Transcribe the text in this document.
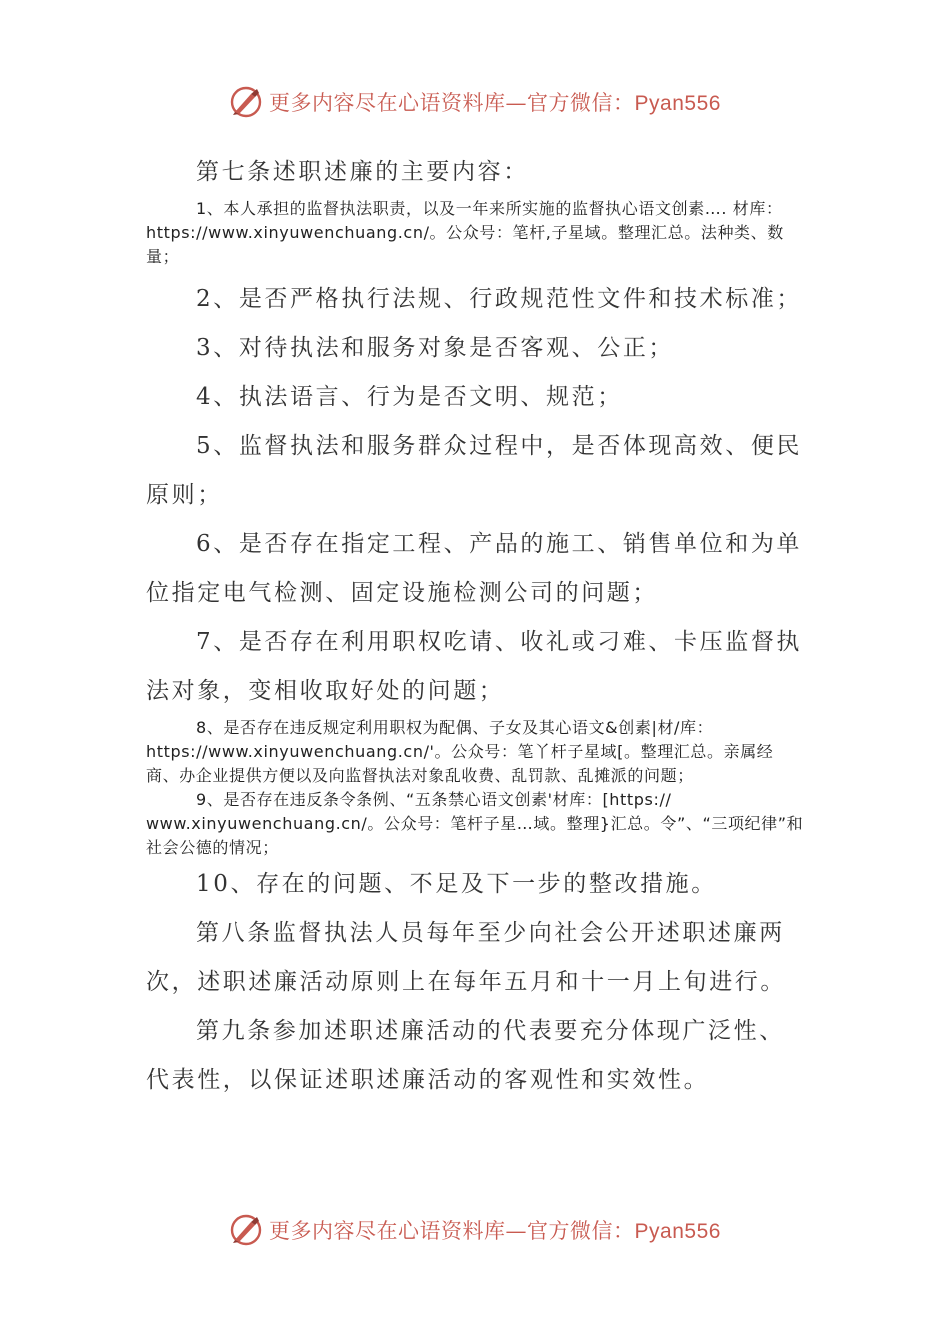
更多内容尽在心语资料库—官方微信：Pyan556

第七条述职述廉的主要内容：

1、本人承担的监督执法职责，以及一年来所实施的监督执心语文创素…. 材库：https://www.xinyuwenchuang.cn/。公众号：笔杆,子星域。整理汇总。法种类、数量；

2、是否严格执行法规、行政规范性文件和技术标准；

3、对待执法和服务对象是否客观、公正；

4、执法语言、行为是否文明、规范；

5、监督执法和服务群众过程中，是否体现高效、便民原则；

6、是否存在指定工程、产品的施工、销售单位和为单位指定电气检测、固定设施检测公司的问题；

7、是否存在利用职权吃请、收礼或刁难、卡压监督执法对象，变相收取好处的问题；

8、是否存在违反规定利用职权为配偶、子女及其心语文&创素|材/库：https://www.xinyuwenchuang.cn/'。公众号：笔丫杆子星域[。整理汇总。亲属经商、办企业提供方便以及向监督执法对象乱收费、乱罚款、乱摊派的问题；

9、是否存在违反条令条例、“五条禁心语文创素'材库：[https:// www.xinyuwenchuang.cn/。公众号：笔杆子星…域。整理}汇总。令”、“三项纪律”和社会公德的情况；

10、存在的问题、不足及下一步的整改措施。

第八条监督执法人员每年至少向社会公开述职述廉两次，述职述廉活动原则上在每年五月和十一月上旬进行。

第九条参加述职述廉活动的代表要充分体现广泛性、代表性，以保证述职述廉活动的客观性和实效性。

更多内容尽在心语资料库—官方微信：Pyan556
